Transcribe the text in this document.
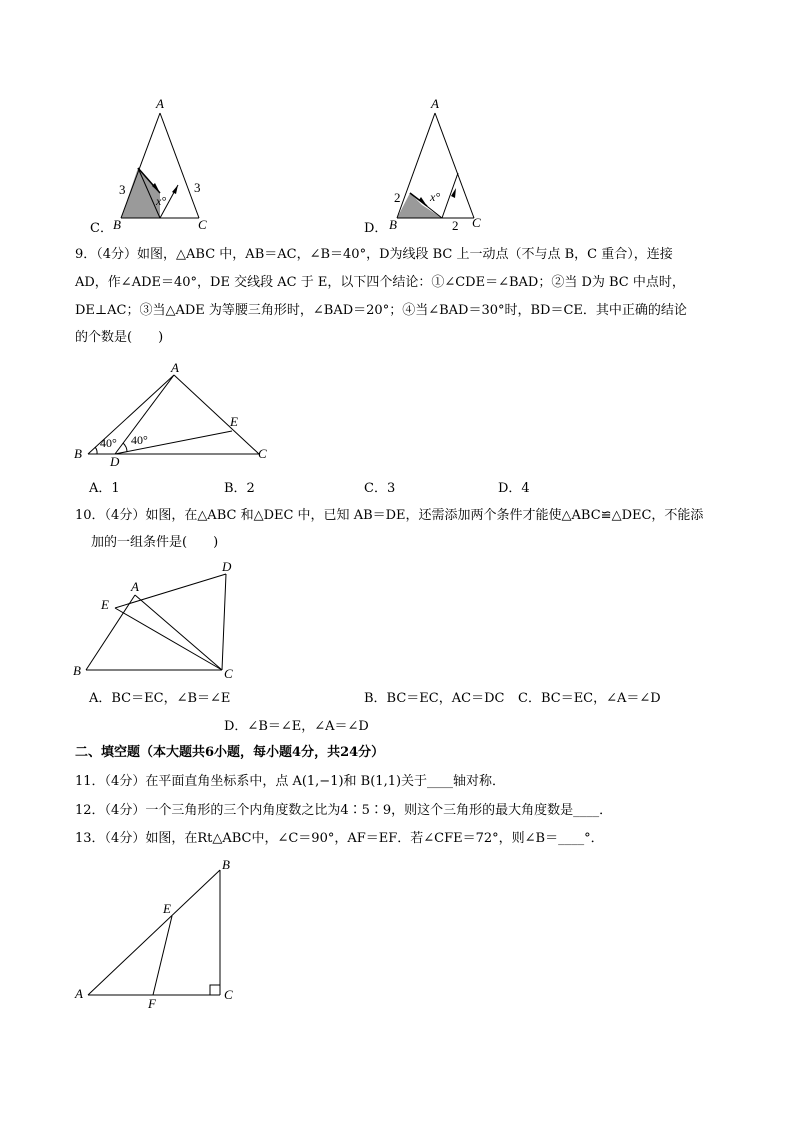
C．
A
B	C
3	3
x°
D．
A
B	C
2
2
x°
9．（4分）如图，△ABC 中，AB＝AC，∠B＝40°，D为线段 BC 上一动点（不与点 B，C 重合），连接
AD，作∠ADE＝40°，DE 交线段 AC 于 E，以下四个结论：①∠CDE＝∠BAD；②当 D为 BC 中点时，
DE⊥AC；③当△ADE 为等腰三角形时，∠BAD＝20°；④当∠BAD＝30°时，BD＝CE．其中正确的结论
的个数是(　　)
A
B	C
D
E
40° 40°
A．1	B．2	C．3	D．4
10．（4分）如图，在△ABC 和△DEC 中，已知 AB＝DE，还需添加两个条件才能使△ABC≌△DEC，不能添
加的一组条件是(　　)
A
B	C
D
E
A．BC＝EC，∠B＝∠E	B．BC＝EC，AC＝DC C．BC＝EC，∠A＝∠D
D．∠B＝∠E，∠A＝∠D
二、填空题（本大题共6小题，每小题4分，共24分）
11．（4分）在平面直角坐标系中，点 A(1,−1)和 B(1,1)关于____轴对称．
12．（4分）一个三角形的三个内角度数之比为4∶5∶9，则这个三角形的最大角度数是____．
13．（4分）如图，在Rt△ABC中，∠C＝90°，AF＝EF．若∠CFE＝72°，则∠B＝____°．
A
B
C
E
F
